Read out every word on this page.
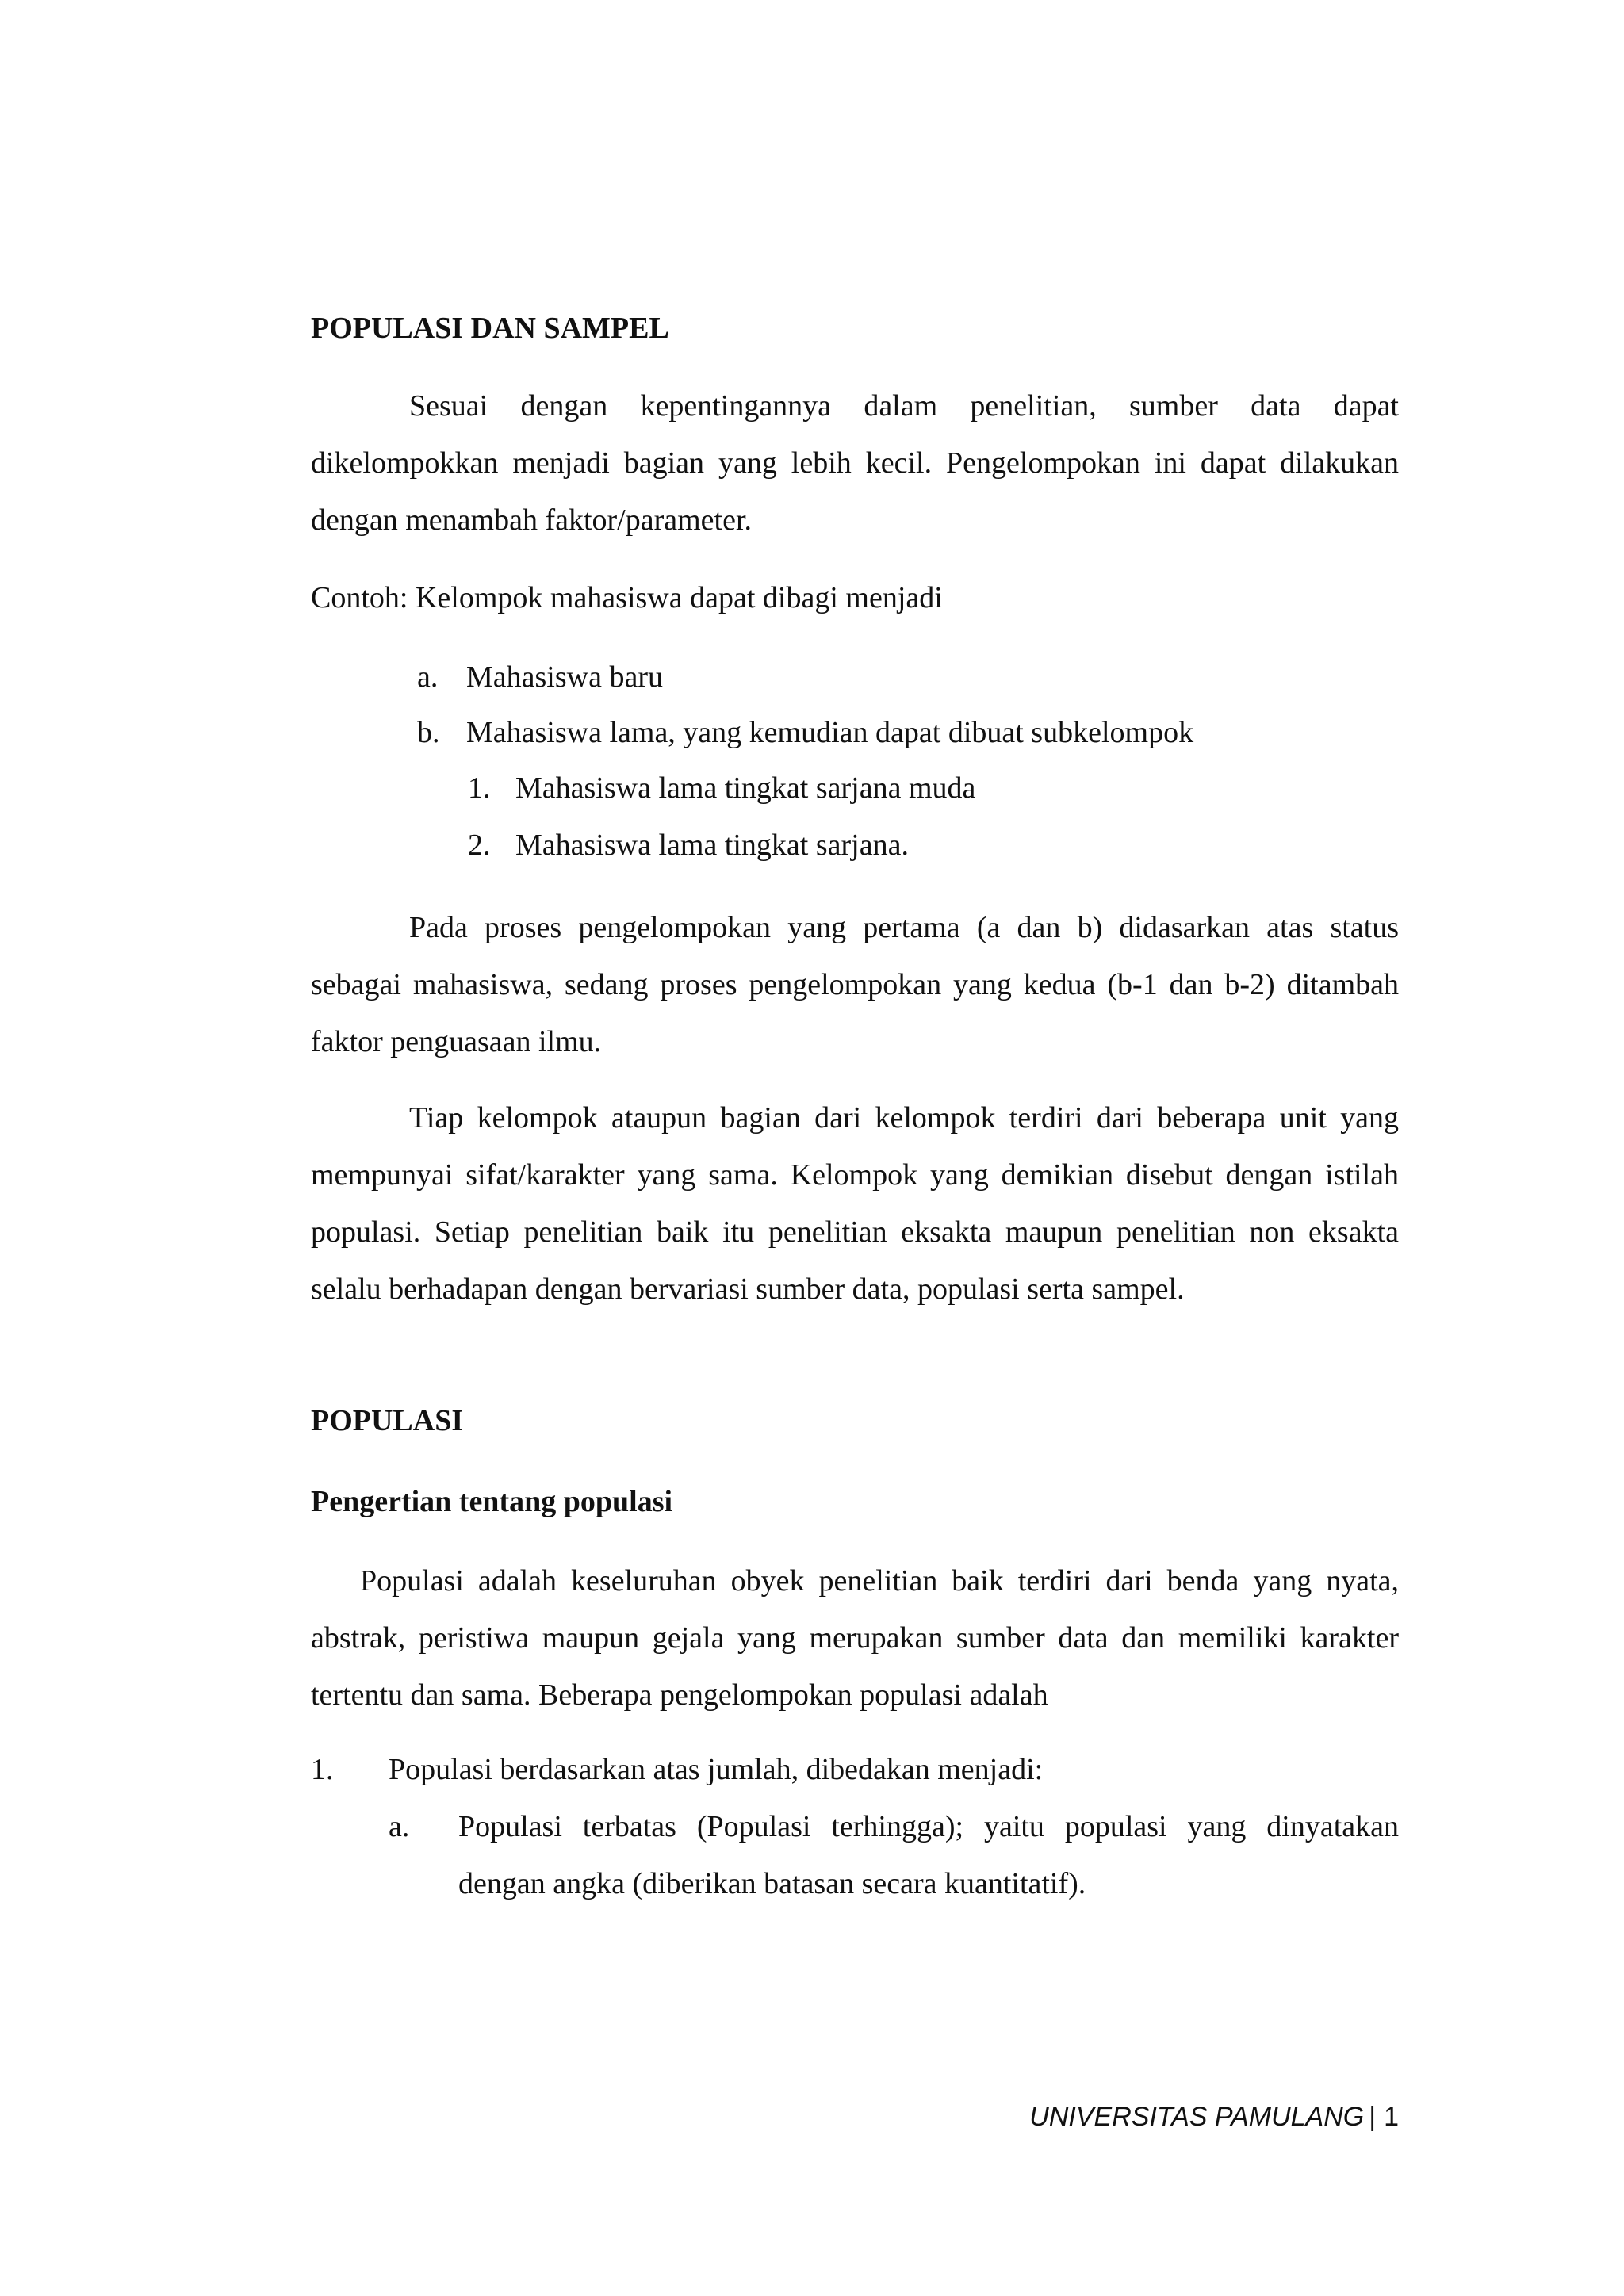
POPULASI DAN SAMPEL

Sesuai dengan kepentingannya dalam penelitian, sumber data dapat dikelompokkan menjadi bagian yang lebih kecil. Pengelompokan ini dapat dilakukan dengan menambah faktor/parameter.

Contoh: Kelompok mahasiswa dapat dibagi menjadi

a. Mahasiswa baru
b. Mahasiswa lama, yang kemudian dapat dibuat subkelompok
1. Mahasiswa lama tingkat sarjana muda
2. Mahasiswa lama tingkat sarjana.

Pada proses pengelompokan yang pertama (a dan b) didasarkan atas status sebagai mahasiswa, sedang proses pengelompokan yang kedua (b-1 dan b-2) ditambah faktor penguasaan ilmu.

Tiap kelompok ataupun bagian dari kelompok terdiri dari beberapa unit yang mempunyai sifat/karakter yang sama. Kelompok yang demikian disebut dengan istilah populasi. Setiap penelitian baik itu penelitian eksakta maupun penelitian non eksakta selalu berhadapan dengan bervariasi sumber data, populasi serta sampel.

POPULASI
Pengertian tentang populasi

Populasi adalah keseluruhan obyek penelitian baik terdiri dari benda yang nyata, abstrak, peristiwa maupun gejala yang merupakan sumber data dan memiliki karakter tertentu dan sama. Beberapa pengelompokan populasi adalah

1. Populasi berdasarkan atas jumlah, dibedakan menjadi:
a. Populasi terbatas (Populasi terhingga); yaitu populasi yang dinyatakan dengan angka (diberikan batasan secara kuantitatif).

UNIVERSITAS PAMULANG | 1
